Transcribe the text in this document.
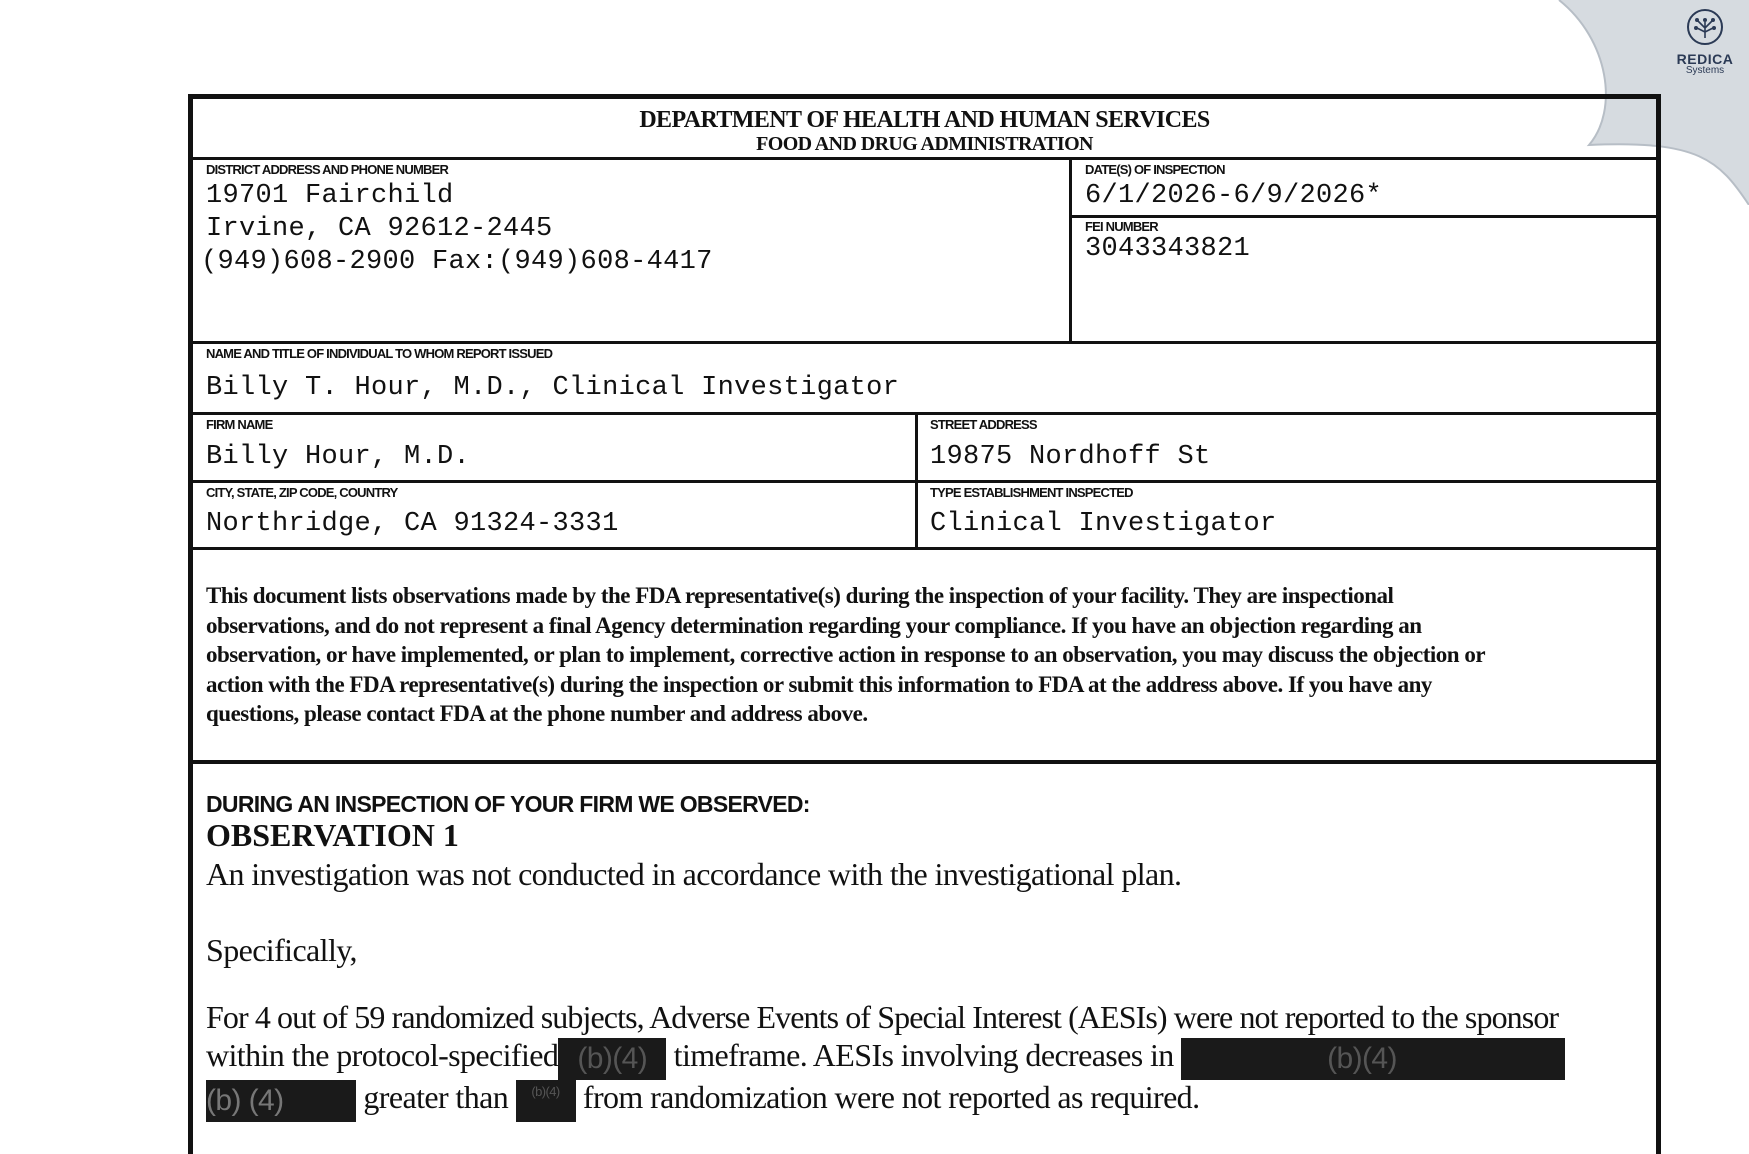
REDICA
Systems
DEPARTMENT OF HEALTH AND HUMAN SERVICES
FOOD AND DRUG ADMINISTRATION
DISTRICT ADDRESS AND PHONE NUMBER
19701 Fairchild
Irvine, CA 92612-2445
(949)608-2900 Fax:(949)608-4417
DATE(S) OF INSPECTION
6/1/2026-6/9/2026*
FEI NUMBER
3043343821
NAME AND TITLE OF INDIVIDUAL TO WHOM REPORT ISSUED
Billy T. Hour, M.D., Clinical Investigator
FIRM NAME
Billy Hour, M.D.
STREET ADDRESS
19875 Nordhoff St
CITY, STATE, ZIP CODE, COUNTRY
Northridge, CA 91324-3331
TYPE ESTABLISHMENT INSPECTED
Clinical Investigator
This document lists observations made by the FDA representative(s) during the inspection of your facility. They are inspectional
observations, and do not represent a final Agency determination regarding your compliance. If you have an objection regarding an
observation, or have implemented, or plan to implement, corrective action in response to an observation, you may discuss the objection or
action with the FDA representative(s) during the inspection or submit this information to FDA at the address above. If you have any
questions, please contact FDA at the phone number and address above.
DURING AN INSPECTION OF YOUR FIRM WE OBSERVED:
OBSERVATION 1
An investigation was not conducted in accordance with the investigational plan.
Specifically,
For 4 out of 59 randomized subjects, Adverse Events of Special Interest (AESIs) were not reported to the sponsor
within the protocol-specified (b)(4) timeframe. AESIs involving decreases in	(b)(4)
(b) (4) greater than (b)(4) from randomization were not reported as required.
